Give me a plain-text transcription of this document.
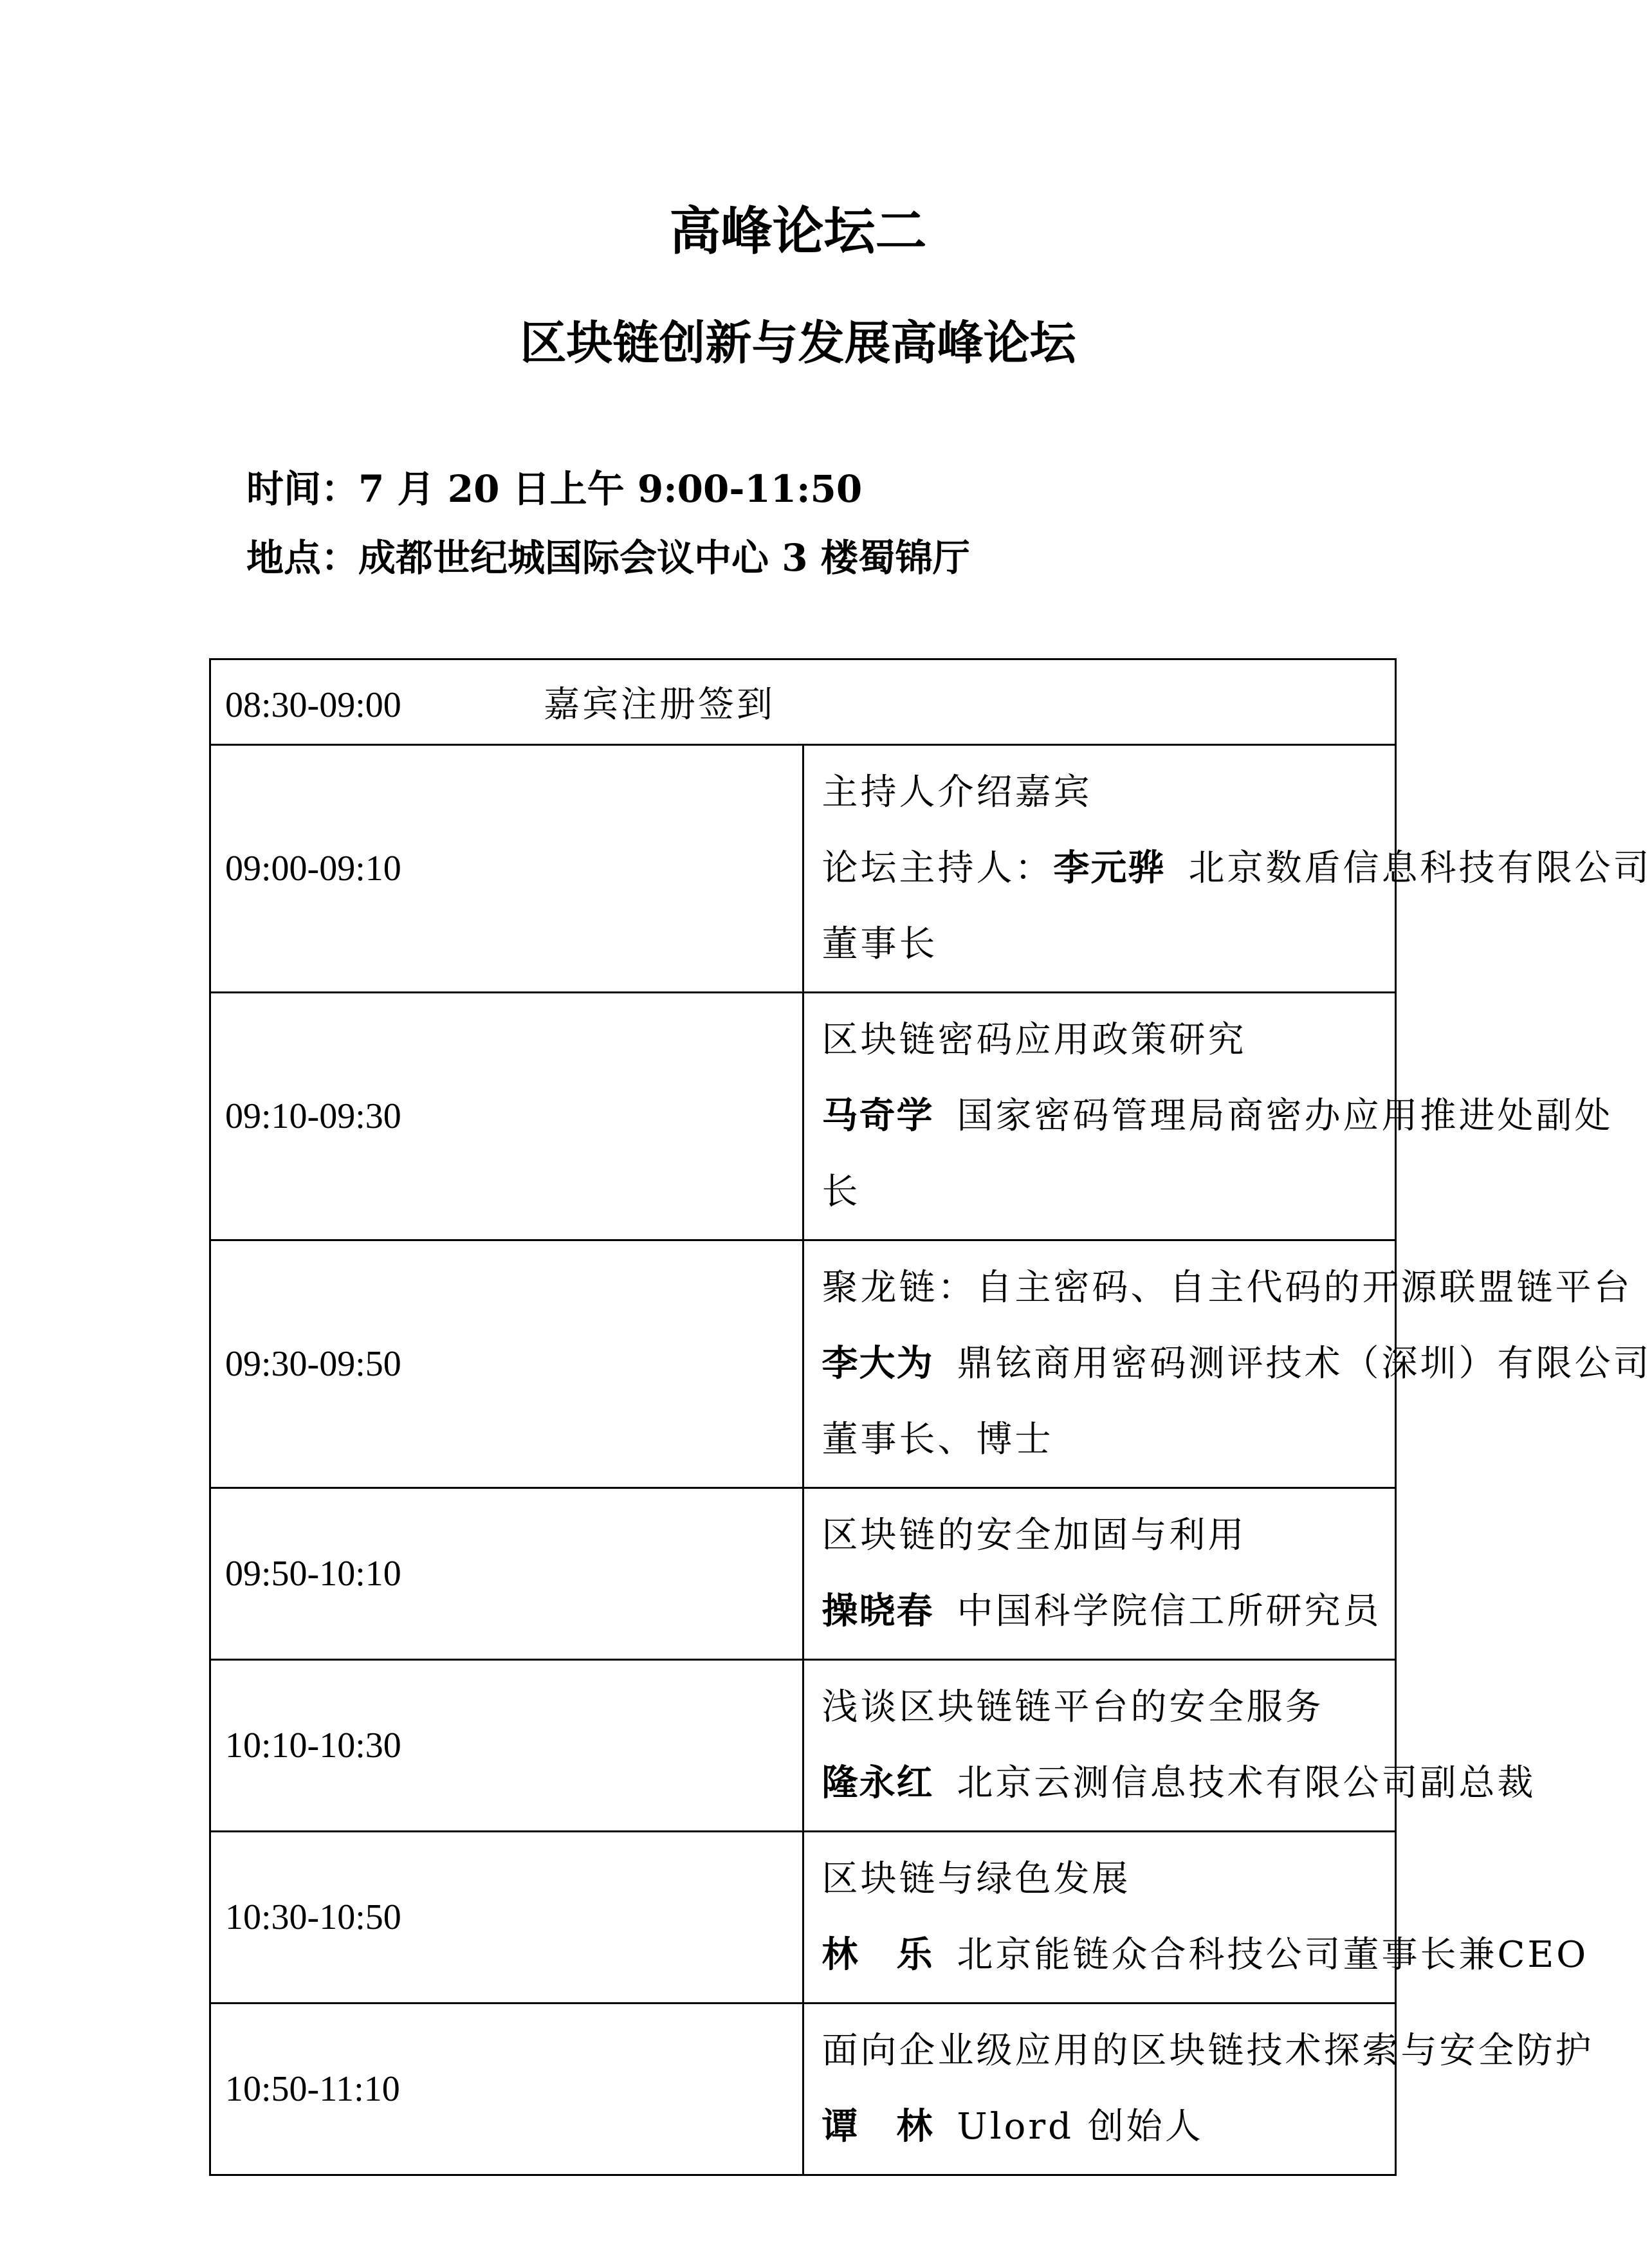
高峰论坛二
区块链创新与发展高峰论坛
时间：7 月 20 日上午 9:00-11:50
地点：成都世纪城国际会议中心 3 楼蜀锦厅
08:30-09:00 嘉宾注册签到	
09:00-09:10	主持人介绍嘉宾
论坛主持人：李元骅 北京数盾信息科技有限公司
董事长

09:10-09:30	区块链密码应用政策研究
马奇学 国家密码管理局商密办应用推进处副处
长

09:30-09:50	聚龙链：自主密码、自主代码的开源联盟链平台
李大为 鼎铉商用密码测评技术（深圳）有限公司
董事长、博士

09:50-10:10	区块链的安全加固与利用
操晓春 中国科学院信工所研究员

10:10-10:30	浅谈区块链链平台的安全服务
隆永红 北京云测信息技术有限公司副总裁

10:30-10:50	区块链与绿色发展
林　乐 北京能链众合科技公司董事长兼CEO

10:50-11:10	面向企业级应用的区块链技术探索与安全防护
谭　林 Ulord 创始人
